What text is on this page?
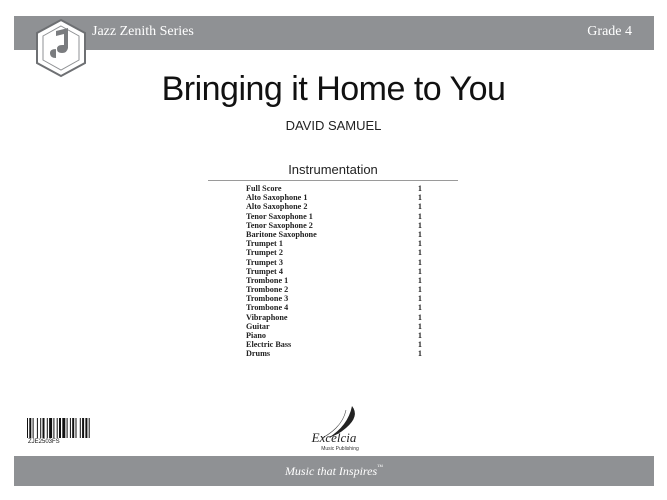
Jazz Zenith Series	Grade 4
Bringing it Home to You
DAVID SAMUEL
Instrumentation
Full Score	1
Alto Saxophone 1	1
Alto Saxophone 2	1
Tenor Saxophone 1	1
Tenor Saxophone 2	1
Baritone Saxophone	1
Trumpet 1	1
Trumpet 2	1
Trumpet 3	1
Trumpet 4	1
Trombone 1	1
Trombone 2	1
Trombone 3	1
Trombone 4	1
Vibraphone	1
Guitar	1
Piano	1
Electric Bass	1
Drums	1
ZJE2503FS	Excelcia
Music Publishing
Music that Inspires™
